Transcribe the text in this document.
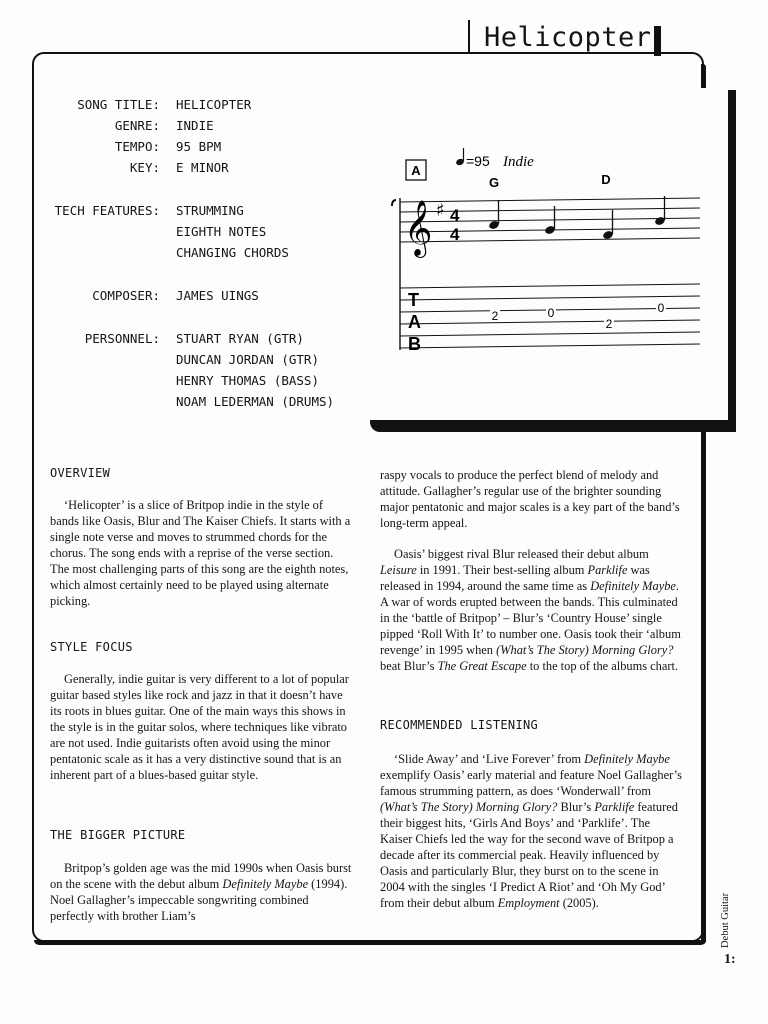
Helicopter
SONG TITLE: HELICOPTER
GENRE: INDIE
TEMPO: 95 BPM
KEY: E MINOR
TECH FEATURES: STRUMMING
EIGHTH NOTES
CHANGING CHORDS
COMPOSER: JAMES UINGS
PERSONNEL: STUART RYAN (GTR)
DUNCAN JORDAN (GTR)
HENRY THOMAS (BASS)
NOAM LEDERMAN (DRUMS)
A
=95 Indie
G	D
𝄞 ♯ 4
4
T
A
B
2	0
2
0
OVERVIEW

‘Helicopter’ is a slice of Britpop indie in the style of bands like Oasis, Blur and The Kaiser Chiefs. It starts with a single note verse and moves to strummed chords for the chorus. The song ends with a reprise of the verse section. The most challenging parts of this song are the eighth notes, which almost certainly need to be played using alternate picking.

STYLE FOCUS

Generally, indie guitar is very different to a lot of popular guitar based styles like rock and jazz in that it doesn’t have its roots in blues guitar. One of the main ways this shows in the style is in the guitar solos, where techniques like vibrato are not used. Indie guitarists often avoid using the minor pentatonic scale as it has a very distinctive sound that is an inherent part of a blues-based guitar style.

THE BIGGER PICTURE

Britpop’s golden age was the mid 1990s when Oasis burst on the scene with the debut album Definitely Maybe (1994). Noel Gallagher’s impeccable songwriting combined perfectly with brother Liam’s

raspy vocals to produce the perfect blend of melody and attitude. Gallagher’s regular use of the brighter sounding major pentatonic and major scales is a key part of the band’s long-term appeal.

Oasis’ biggest rival Blur released their debut album Leisure in 1991. Their best-selling album Parklife was released in 1994, around the same time as Definitely Maybe. A war of words erupted between the bands. This culminated in the ‘battle of Britpop’ – Blur’s ‘Country House’ single pipped ‘Roll With It’ to number one. Oasis took their ‘album revenge’ in 1995 when (What’s The Story) Morning Glory? beat Blur’s The Great Escape to the top of the albums chart.

RECOMMENDED LISTENING

‘Slide Away’ and ‘Live Forever’ from Definitely Maybe exemplify Oasis’ early material and feature Noel Gallagher’s famous strumming pattern, as does ‘Wonderwall’ from (What’s The Story) Morning Glory? Blur’s Parklife featured their biggest hits, ‘Girls And Boys’ and ‘Parklife’. The Kaiser Chiefs led the way for the second wave of Britpop a decade after its commercial peak. Heavily influenced by Oasis and particularly Blur, they burst on to the scene in 2004 with the singles ‘I Predict A Riot’ and ‘Oh My God’ from their debut album Employment (2005).	Debut Guitar
1:
